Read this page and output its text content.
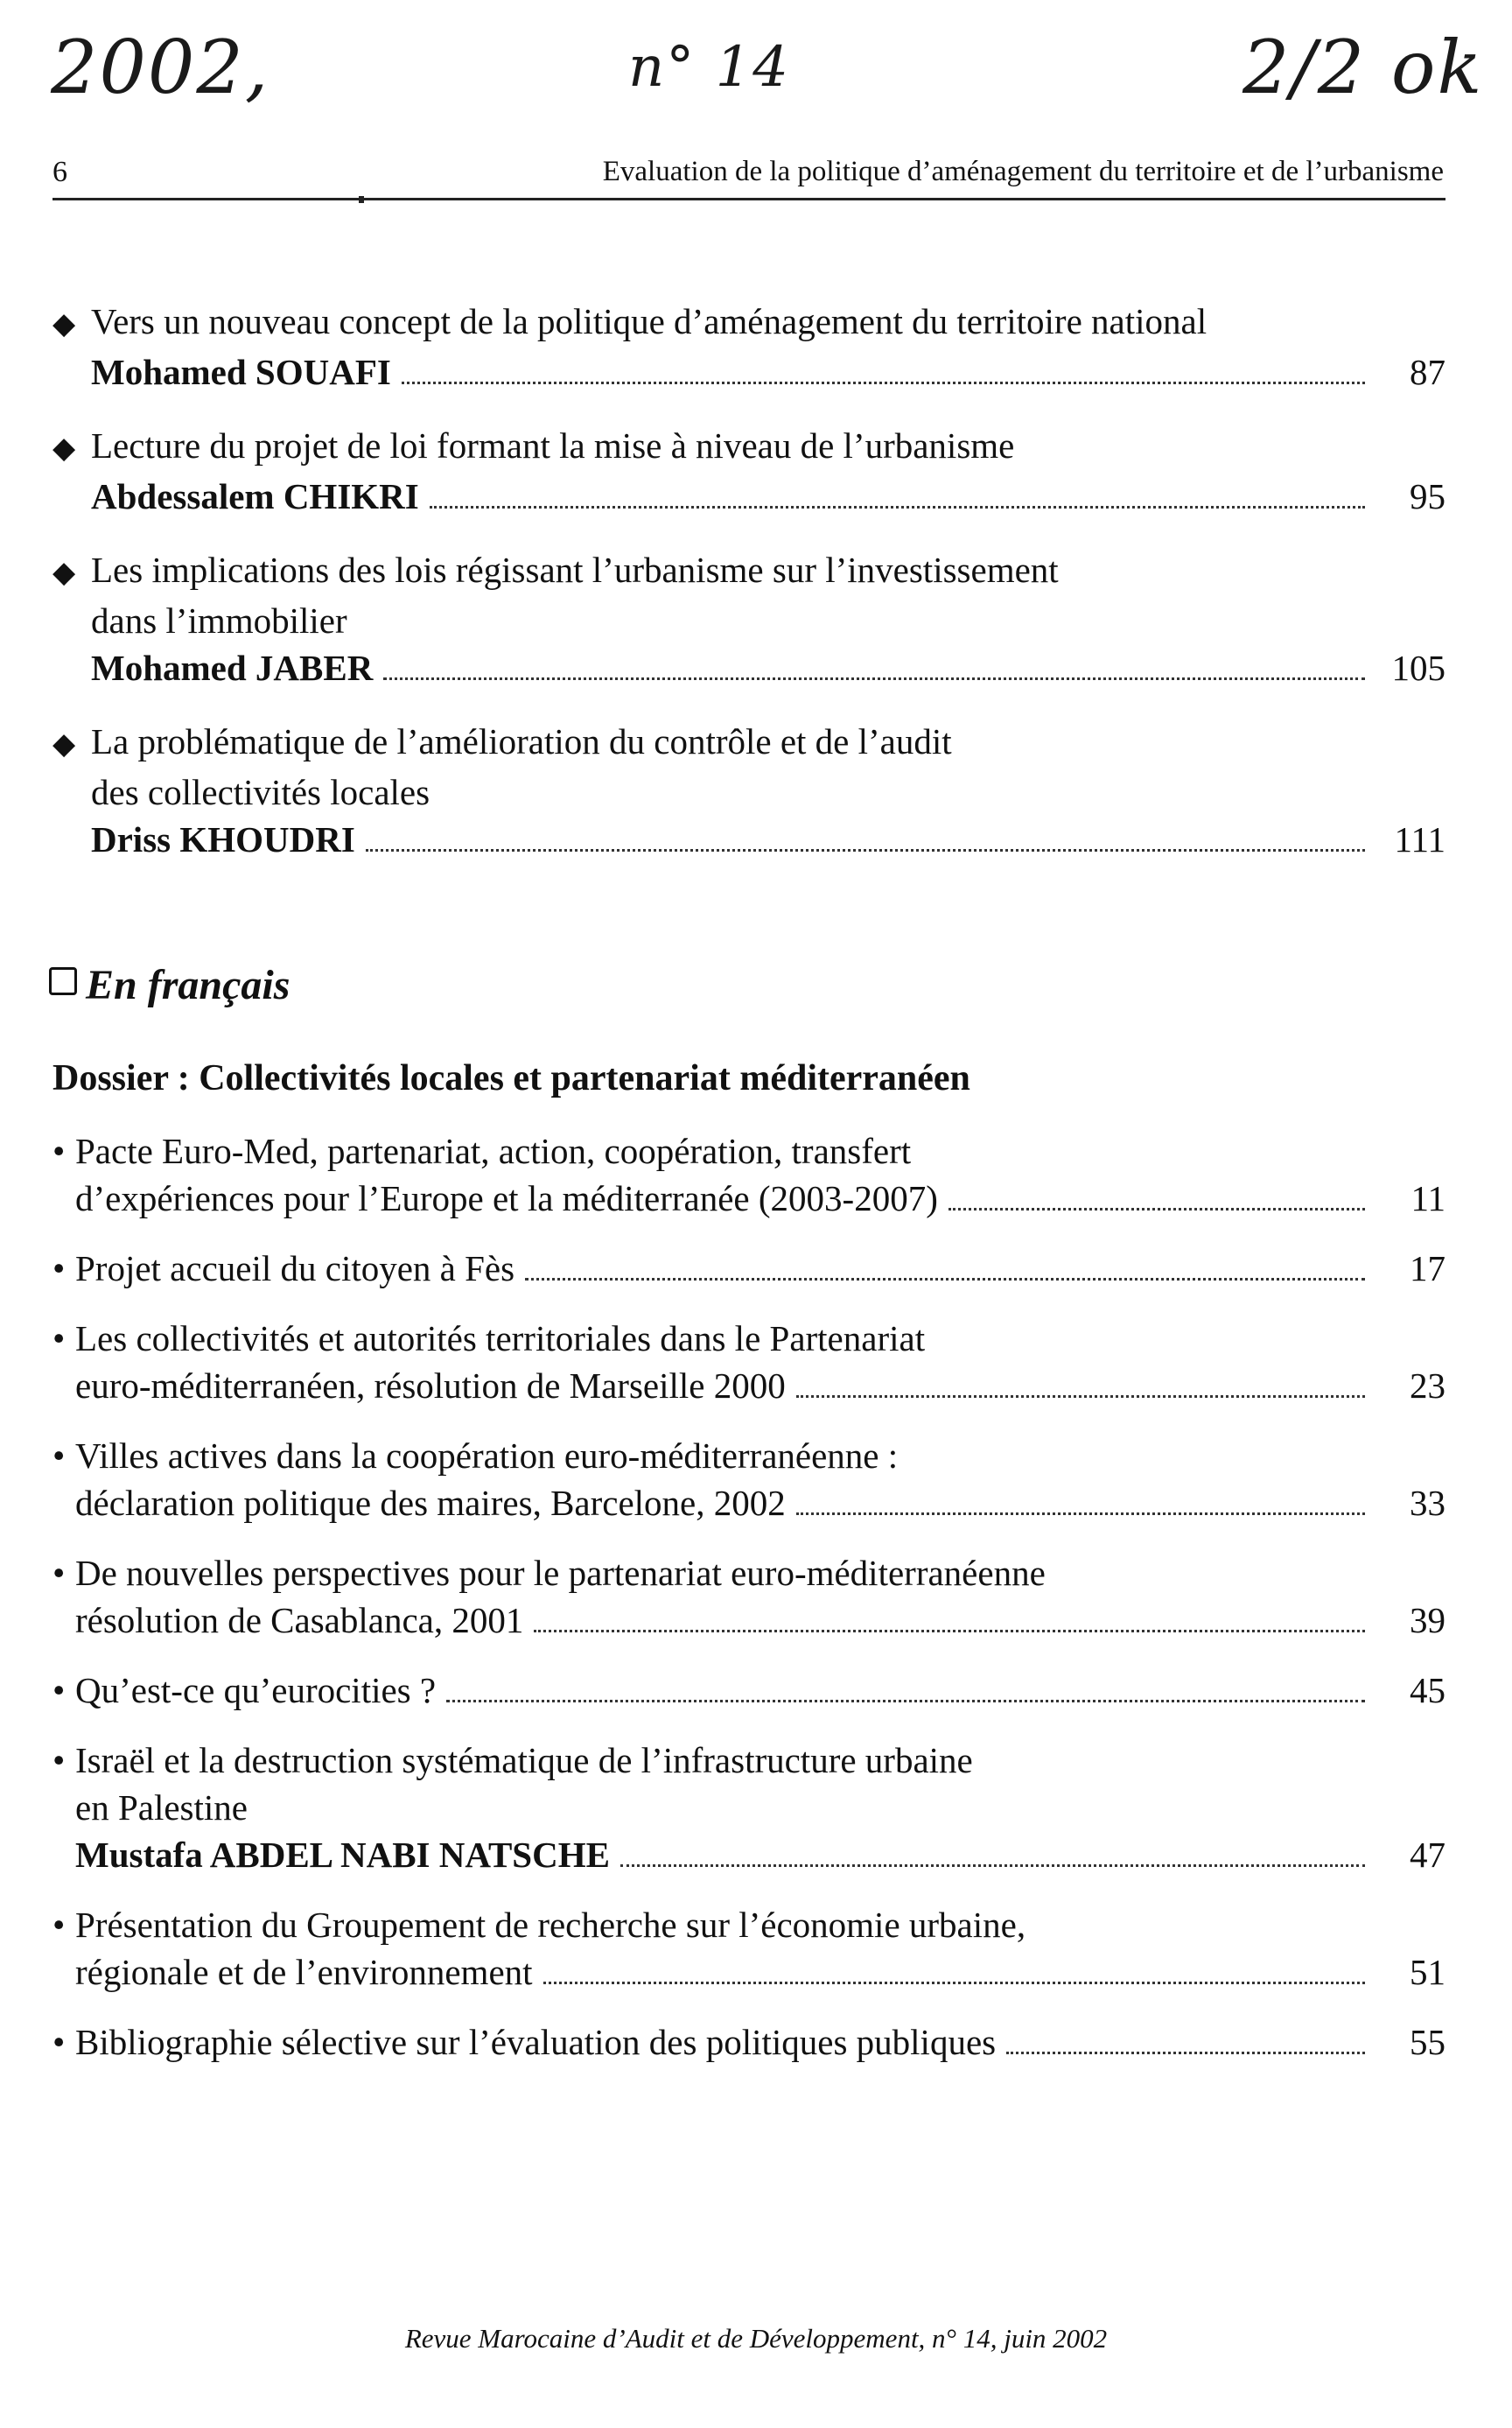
2002,	n° 14	2/2 ok
6	Evaluation de la politique d’aménagement du territoire et de l’urbanisme
◆ Vers un nouveau concept de la politique d’aménagement du territoire national
Mohamed SOUAFI	87
◆ Lecture du projet de loi formant la mise à niveau de l’urbanisme
Abdessalem CHIKRI	95
◆ Les implications des lois régissant l’urbanisme sur l’investissement
dans l’immobilier
Mohamed JABER	105
◆ La problématique de l’amélioration du contrôle et de l’audit
des collectivités locales
Driss KHOUDRI	111
En français
Dossier : Collectivités locales et partenariat méditerranéen
• Pacte Euro-Med, partenariat, action, coopération, transfert
d’expériences pour l’Europe et la méditerranée (2003-2007)	11
• Projet accueil du citoyen à Fès	17
• Les collectivités et autorités territoriales dans le Partenariat
euro-méditerranéen, résolution de Marseille 2000	23
• Villes actives dans la coopération euro-méditerranéenne :
déclaration politique des maires, Barcelone, 2002	33
• De nouvelles perspectives pour le partenariat euro-méditerranéenne
résolution de Casablanca, 2001	39
• Qu’est-ce qu’eurocities ?	45
• Israël et la destruction systématique de l’infrastructure urbaine
en Palestine
Mustafa ABDEL NABI NATSCHE	47
• Présentation du Groupement de recherche sur l’économie urbaine,
régionale et de l’environnement	51
• Bibliographie sélective sur l’évaluation des politiques publiques	55
Revue Marocaine d’Audit et de Développement, n° 14, juin 2002
